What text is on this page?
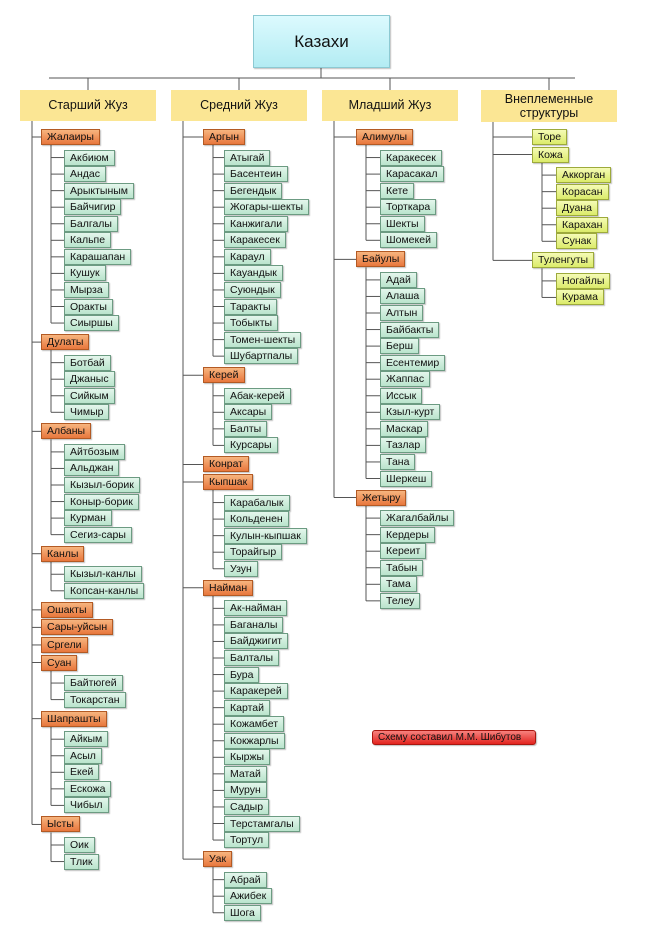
Казахи
Схему составил М.М. Шибутов
Старший Жуз
Жалаиры
Акбиюм
Андас
Арыктыным
Байчигир
Балгалы
Кальпе
Карашапан
Кушук
Мырза
Оракты
Сиыршы
Дулаты
Ботбай
Джаныс
Сийкым
Чимыр
Албаны
Айтбозым
Альджан
Кызыл-борик
Коныр-борик
Курман
Сегиз-сары
Канлы
Кызыл-канлы
Копсан-канлы
Ошакты
Сары-уйсын
Сргели
Суан
Байтюгей
Токарстан
Шапрашты
Айкым
Асыл
Екей
Ескожа
Чибыл
Ысты
Оик
Тлик
Средний Жуз
Аргын
Атыгай
Басентеин
Бегендык
Жогары-шекты
Канжигали
Каракесек
Караул
Кауандык
Суюндык
Таракты
Тобыкты
Томен-шекты
Шубартпалы
Керей
Абак-керей
Аксары
Балты
Курсары
Конрат
Кыпшак
Карабалык
Кольденен
Кулын-кыпшак
Торайгыр
Узун
Найман
Ак-найман
Баганалы
Байджигит
Балталы
Бура
Каракерей
Картай
Кожамбет
Кокжарлы
Кыржы
Матай
Мурун
Садыр
Терстамгалы
Тортул
Уак
Абрай
Ажибек
Шога
Младший Жуз
Алимулы
Каракесек
Карасакал
Кете
Торткара
Шекты
Шомекей
Байулы
Адай
Алаша
Алтын
Байбакты
Берш
Есентемир
Жаппас
Иссык
Кзыл-курт
Маскар
Тазлар
Тана
Шеркеш
Жетыру
Жагалбайлы
Кердеры
Кереит
Табын
Тама
Телеу
Внеплеменные структуры
Торе
Кожа
Аккорган
Корасан
Дуана
Карахан
Сунак
Туленгуты
Ногайлы
Курама
